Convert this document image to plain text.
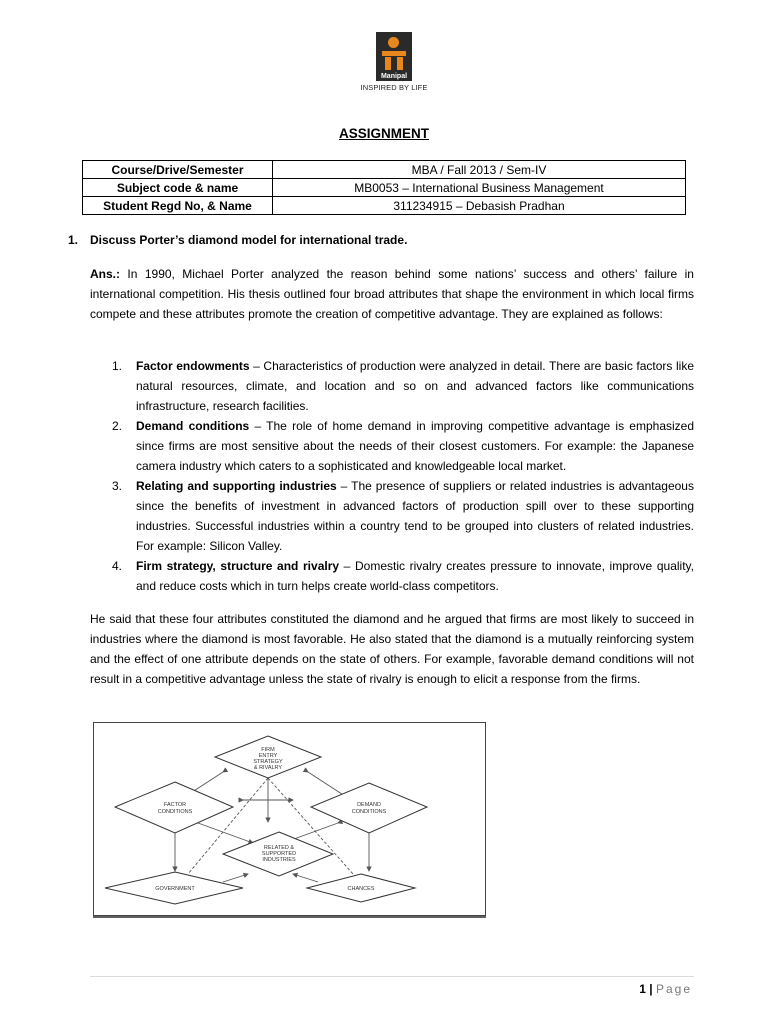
Manipal
INSPIRED BY LIFE
ASSIGNMENT
Course/Drive/Semester	MBA / Fall 2013 / Sem-IV
Subject code & name	MB0053 – International Business Management
Student Regd No, & Name	311234915 – Debasish Pradhan
1. Discuss Porter’s diamond model for international trade.
Ans.: In 1990, Michael Porter analyzed the reason behind some nations’ success and others’ failure in international competition. His thesis outlined four broad attributes that shape the environment in which local firms compete and these attributes promote the creation of competitive advantage. They are explained as follows:
1. Factor endowments – Characteristics of production were analyzed in detail. There are basic factors like natural resources, climate, and location and so on and advanced factors like communications infrastructure, research facilities.
2. Demand conditions – The role of home demand in improving competitive advantage is emphasized since firms are most sensitive about the needs of their closest customers. For example: the Japanese camera industry which caters to a sophisticated and knowledgeable local market.
3. Relating and supporting industries – The presence of suppliers or related industries is advantageous since the benefits of investment in advanced factors of production spill over to these supporting industries. Successful industries within a country tend to be grouped into clusters of related industries. For example: Silicon Valley.
4. Firm strategy, structure and rivalry – Domestic rivalry creates pressure to innovate, improve quality, and reduce costs which in turn helps create world-class competitors.
He said that these four attributes constituted the diamond and he argued that firms are most likely to succeed in industries where the diamond is most favorable. He also stated that the diamond is a mutually reinforcing system and the effect of one attribute depends on the state of others. For example, favorable demand conditions will not result in a competitive advantage unless the state of rivalry is enough to elicit a response from the firms.
FIRM
ENTRY
STRATEGY
& RIVALRY
FACTOR
CONDITIONS
DEMAND
CONDITIONS
RELATED &
SUPPORTED
INDUSTRIES
GOVERNMENT	CHANCES
1 | Page
